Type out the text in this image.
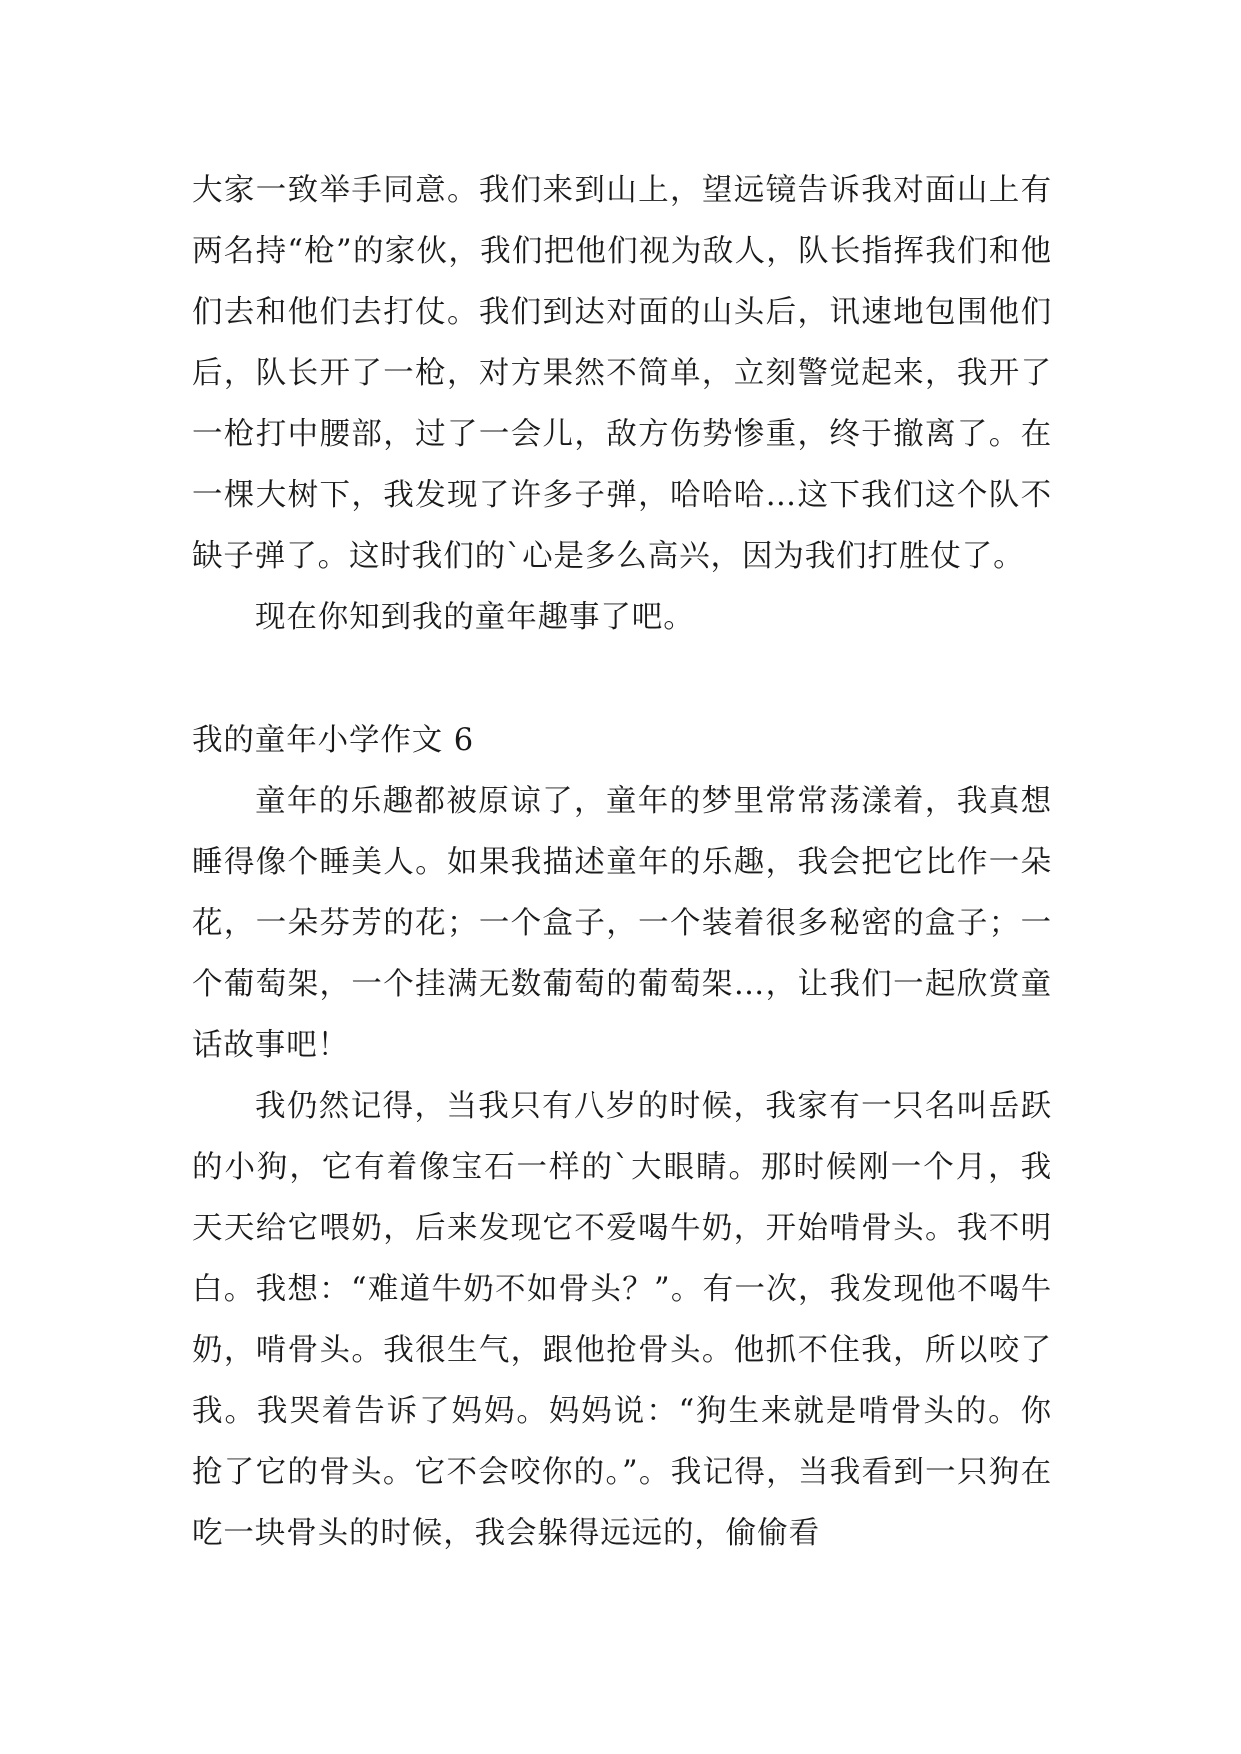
大家一致举手同意。我们来到山上，望远镜告诉我对面山上有两名持“枪”的家伙，我们把他们视为敌人，队长指挥我们和他们去和他们去打仗。我们到达对面的山头后，讯速地包围他们后，队长开了一枪，对方果然不简单，立刻警觉起来，我开了一枪打中腰部，过了一会儿，敌方伤势惨重，终于撤离了。在一棵大树下，我发现了许多子弹，哈哈哈…这下我们这个队不缺子弹了。这时我们的`心是多么高兴，因为我们打胜仗了。

现在你知到我的童年趣事了吧。

我的童年小学作文 6

童年的乐趣都被原谅了，童年的梦里常常荡漾着，我真想睡得像个睡美人。如果我描述童年的乐趣，我会把它比作一朵花，一朵芬芳的花；一个盒子，一个装着很多秘密的盒子；一个葡萄架，一个挂满无数葡萄的葡萄架…，让我们一起欣赏童话故事吧！

我仍然记得，当我只有八岁的时候，我家有一只名叫岳跃的小狗，它有着像宝石一样的`大眼睛。那时候刚一个月，我天天给它喂奶，后来发现它不爱喝牛奶，开始啃骨头。我不明白。我想：“难道牛奶不如骨头？”。有一次，我发现他不喝牛奶，啃骨头。我很生气，跟他抢骨头。他抓不住我，所以咬了我。我哭着告诉了妈妈。妈妈说：“狗生来就是啃骨头的。你抢了它的骨头。它不会咬你的。”。我记得，当我看到一只狗在吃一块骨头的时候，我会躲得远远的，偷偷看
